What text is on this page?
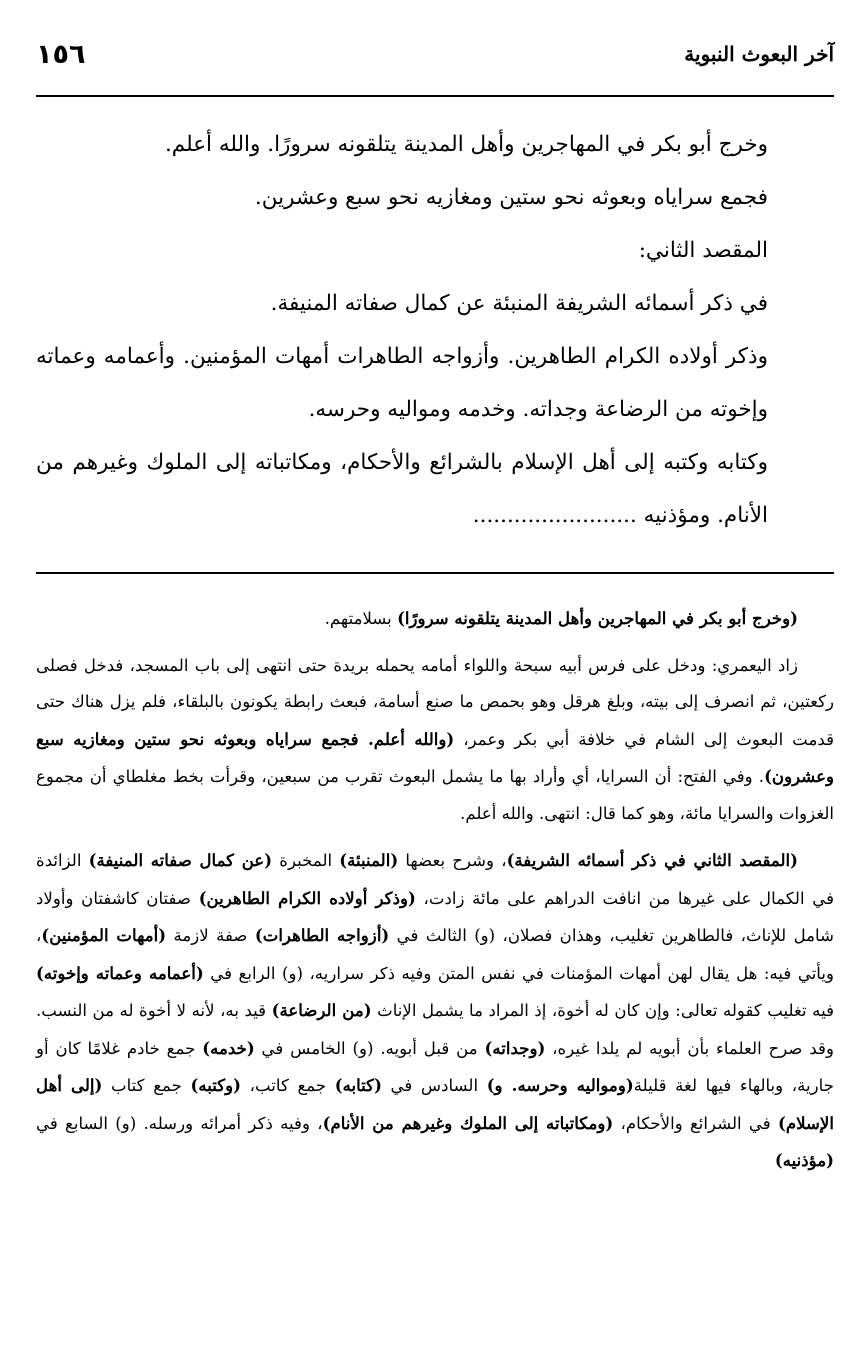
آخر البعوث النبوية
١٥٦

وخرج أبو بكر في المهاجرين وأهل المدينة يتلقونه سرورًا. والله أعلم.

فجمع سراياه وبعوثه نحو ستين ومغازيه نحو سبع وعشرين.

المقصد الثاني:

في ذكر أسمائه الشريفة المنبئة عن كمال صفاته المنيفة.

وذكر أولاده الكرام الطاهرين. وأزواجه الطاهرات أمهات المؤمنين. وأعمامه وعماته وإخوته من الرضاعة وجداته. وخدمه ومواليه وحرسه.

وكتابه وكتبه إلى أهل الإسلام بالشرائع والأحكام، ومكاتباته إلى الملوك وغيرهم من الأنام. ومؤذنيه ........................

(وخرج أبو بكر في المهاجرين وأهل المدينة يتلقونه سرورًا) بسلامتهم.

زاد اليعمري: ودخل على فرس أبيه سبحة واللواء أمامه يحمله بريدة حتى انتهى إلى باب المسجد، فدخل فصلى ركعتين، ثم انصرف إلى بيته، وبلغ هرقل وهو بحمص ما صنع أسامة، فبعث رابطة يكونون بالبلقاء، فلم يزل هناك حتى قدمت البعوث إلى الشام في خلافة أبي بكر وعمر، (والله أعلم. فجمع سراياه وبعوثه نحو ستين ومغازيه سبع وعشرون). وفي الفتح: أن السرايا، أي وأراد بها ما يشمل البعوث تقرب من سبعين، وقرأت بخط مغلطاي أن مجموع الغزوات والسرايا مائة، وهو كما قال: انتهى. والله أعلم.

(المقصد الثاني في ذكر أسمائه الشريفة)، وشرح بعضها (المنبئة) المخبرة (عن كمال صفاته المنيفة) الزائدة في الكمال على غيرها من انافت الدراهم على مائة زادت، (وذكر أولاده الكرام الطاهرين) صفتان كاشفتان وأولاد شامل للإناث، فالطاهرين تغليب، وهذان فصلان، (و) الثالث في (أزواجه الطاهرات) صفة لازمة (أمهات المؤمنين)، ويأتي فيه: هل يقال لهن أمهات المؤمنات في نفس المتن وفيه ذكر سراريه، (و) الرابع في (أعمامه وعماته وإخوته) فيه تغليب كقوله تعالى: وإن كان له أخوة، إذ المراد ما يشمل الإناث (من الرضاعة) قيد به، لأنه لا أخوة له من النسب. وقد صرح العلماء بأن أبويه لم يلدا غيره، (وجداته) من قبل أبويه. (و) الخامس في (خدمه) جمع خادم غلامًا كان أو جارية، وبالهاء فيها لغة قليلة(ومواليه وحرسه. و) السادس في (كتابه) جمع كاتب، (وكتبه) جمع كتاب (إلى أهل الإسلام) في الشرائع والأحكام، (ومكاتباته إلى الملوك وغيرهم من الأنام)، وفيه ذكر أمرائه ورسله. (و) السابع في (مؤذنيه)
